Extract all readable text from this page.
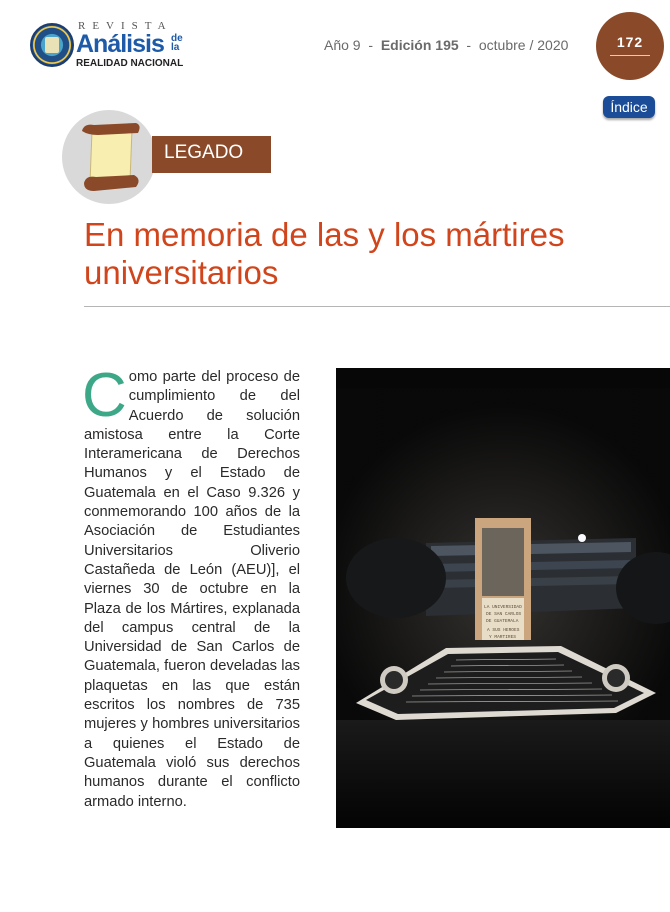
REVISTA
Análisis de la
REALIDAD NACIONAL
Año 9 - Edición 195 - octubre / 2020	172
Índice
LEGADO
En memoria de las y los mártires universitarios
Como parte del proceso de cumplimiento de del Acuerdo de solución amistosa entre la Corte Interamericana de Derechos Humanos y el Estado de Guatemala en el Caso 9.326 y conmemorando 100 años de la Asociación de Estudiantes Universitarios Oliverio Castañeda de León (AEU)], el viernes 30 de octubre en la Plaza de los Mártires, explanada del campus central de la Universidad de San Carlos de Guatemala, fueron develadas las plaquetas en las que están escritos los nombres de 735 mujeres y hombres universitarios a quienes el Estado de Guatemala violó sus derechos humanos durante el conflicto armado interno.
LA UNIVERSIDAD
DE SAN CARLOS
DE GUATEMALA
A SUS HEROES
Y MARTIRES
